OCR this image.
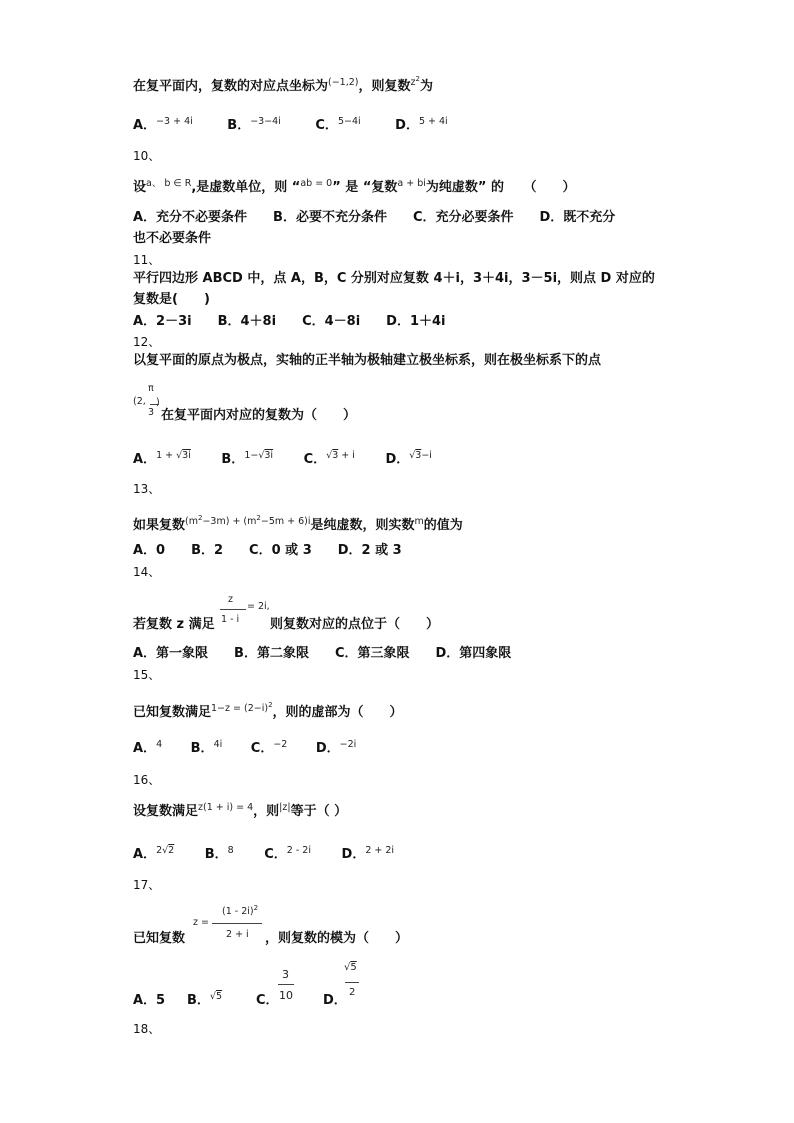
在复平面内，复数的对应点坐标为$^{(-1,2)}$，则复数$^{z^2}$为
A．$^{-3 + 4i}$	B．$^{-3-4i}$	C．$^{5-4i}$	D．$^{5 + 4i}$
10、
设$^{a、 b \in R}$,是虚数单位，则 “$^{ab = 0}$” 是 “复数$^{a + bi}$为纯虚数” 的　　（　　）
A．充分不必要条件　　B．必要不充分条件　　C．充分必要条件　　D．既不充分
也不必要条件
11、
平行四边形 ABCD 中，点 A，B，C 分别对应复数 4＋i，3＋4i，3－5i，则点 D 对应的
复数是(　　)
A．2－3i　　B．4＋8i　　C．4－8i　　D．1＋4i
12、
以复平面的原点为极点，实轴的正半轴为极轴建立极坐标系，则在极坐标系下的点
π
(2, )
3 在复平面内对应的复数为（　　）
A．$^{1 + √3i}$ B．$^{1-√3i}$ C．$^{√3 + i}$ D．$^{√3-i}$
13、
如果复数$^{(m^2-3m) + (m^2-5m + 6)i}$是纯虚数，则实数$^m$的值为
A．0　　B．2　　C．0 或 3　　D．2 或 3
14、
z
= 2i,
1 - i
若复数 z 满足	则复数对应的点位于（　　）
A．第一象限　　B．第二象限　　C．第三象限　　D．第四象限
15、
已知复数满足$^{1-z = (2-i)^2}$，则的虚部为（　　）
A．$^4$ B．$^{4i}$ C．$^{-2}$ D．$^{-2i}$
16、
设复数满足$^{z(1 + i) = 4}$，则$^{|z|}$等于（ ）
A．$^{2√2}$ B．$^8$ C．$^{2 - 2i}$ D．$^{2 + 2i}$
17、
z =
(1 - 2i)$^2$
2 + i
已知复数	，则复数的模为（　　）
A．5 B．$^{√5}$	C．
3
10 D．
√5
2
18、
